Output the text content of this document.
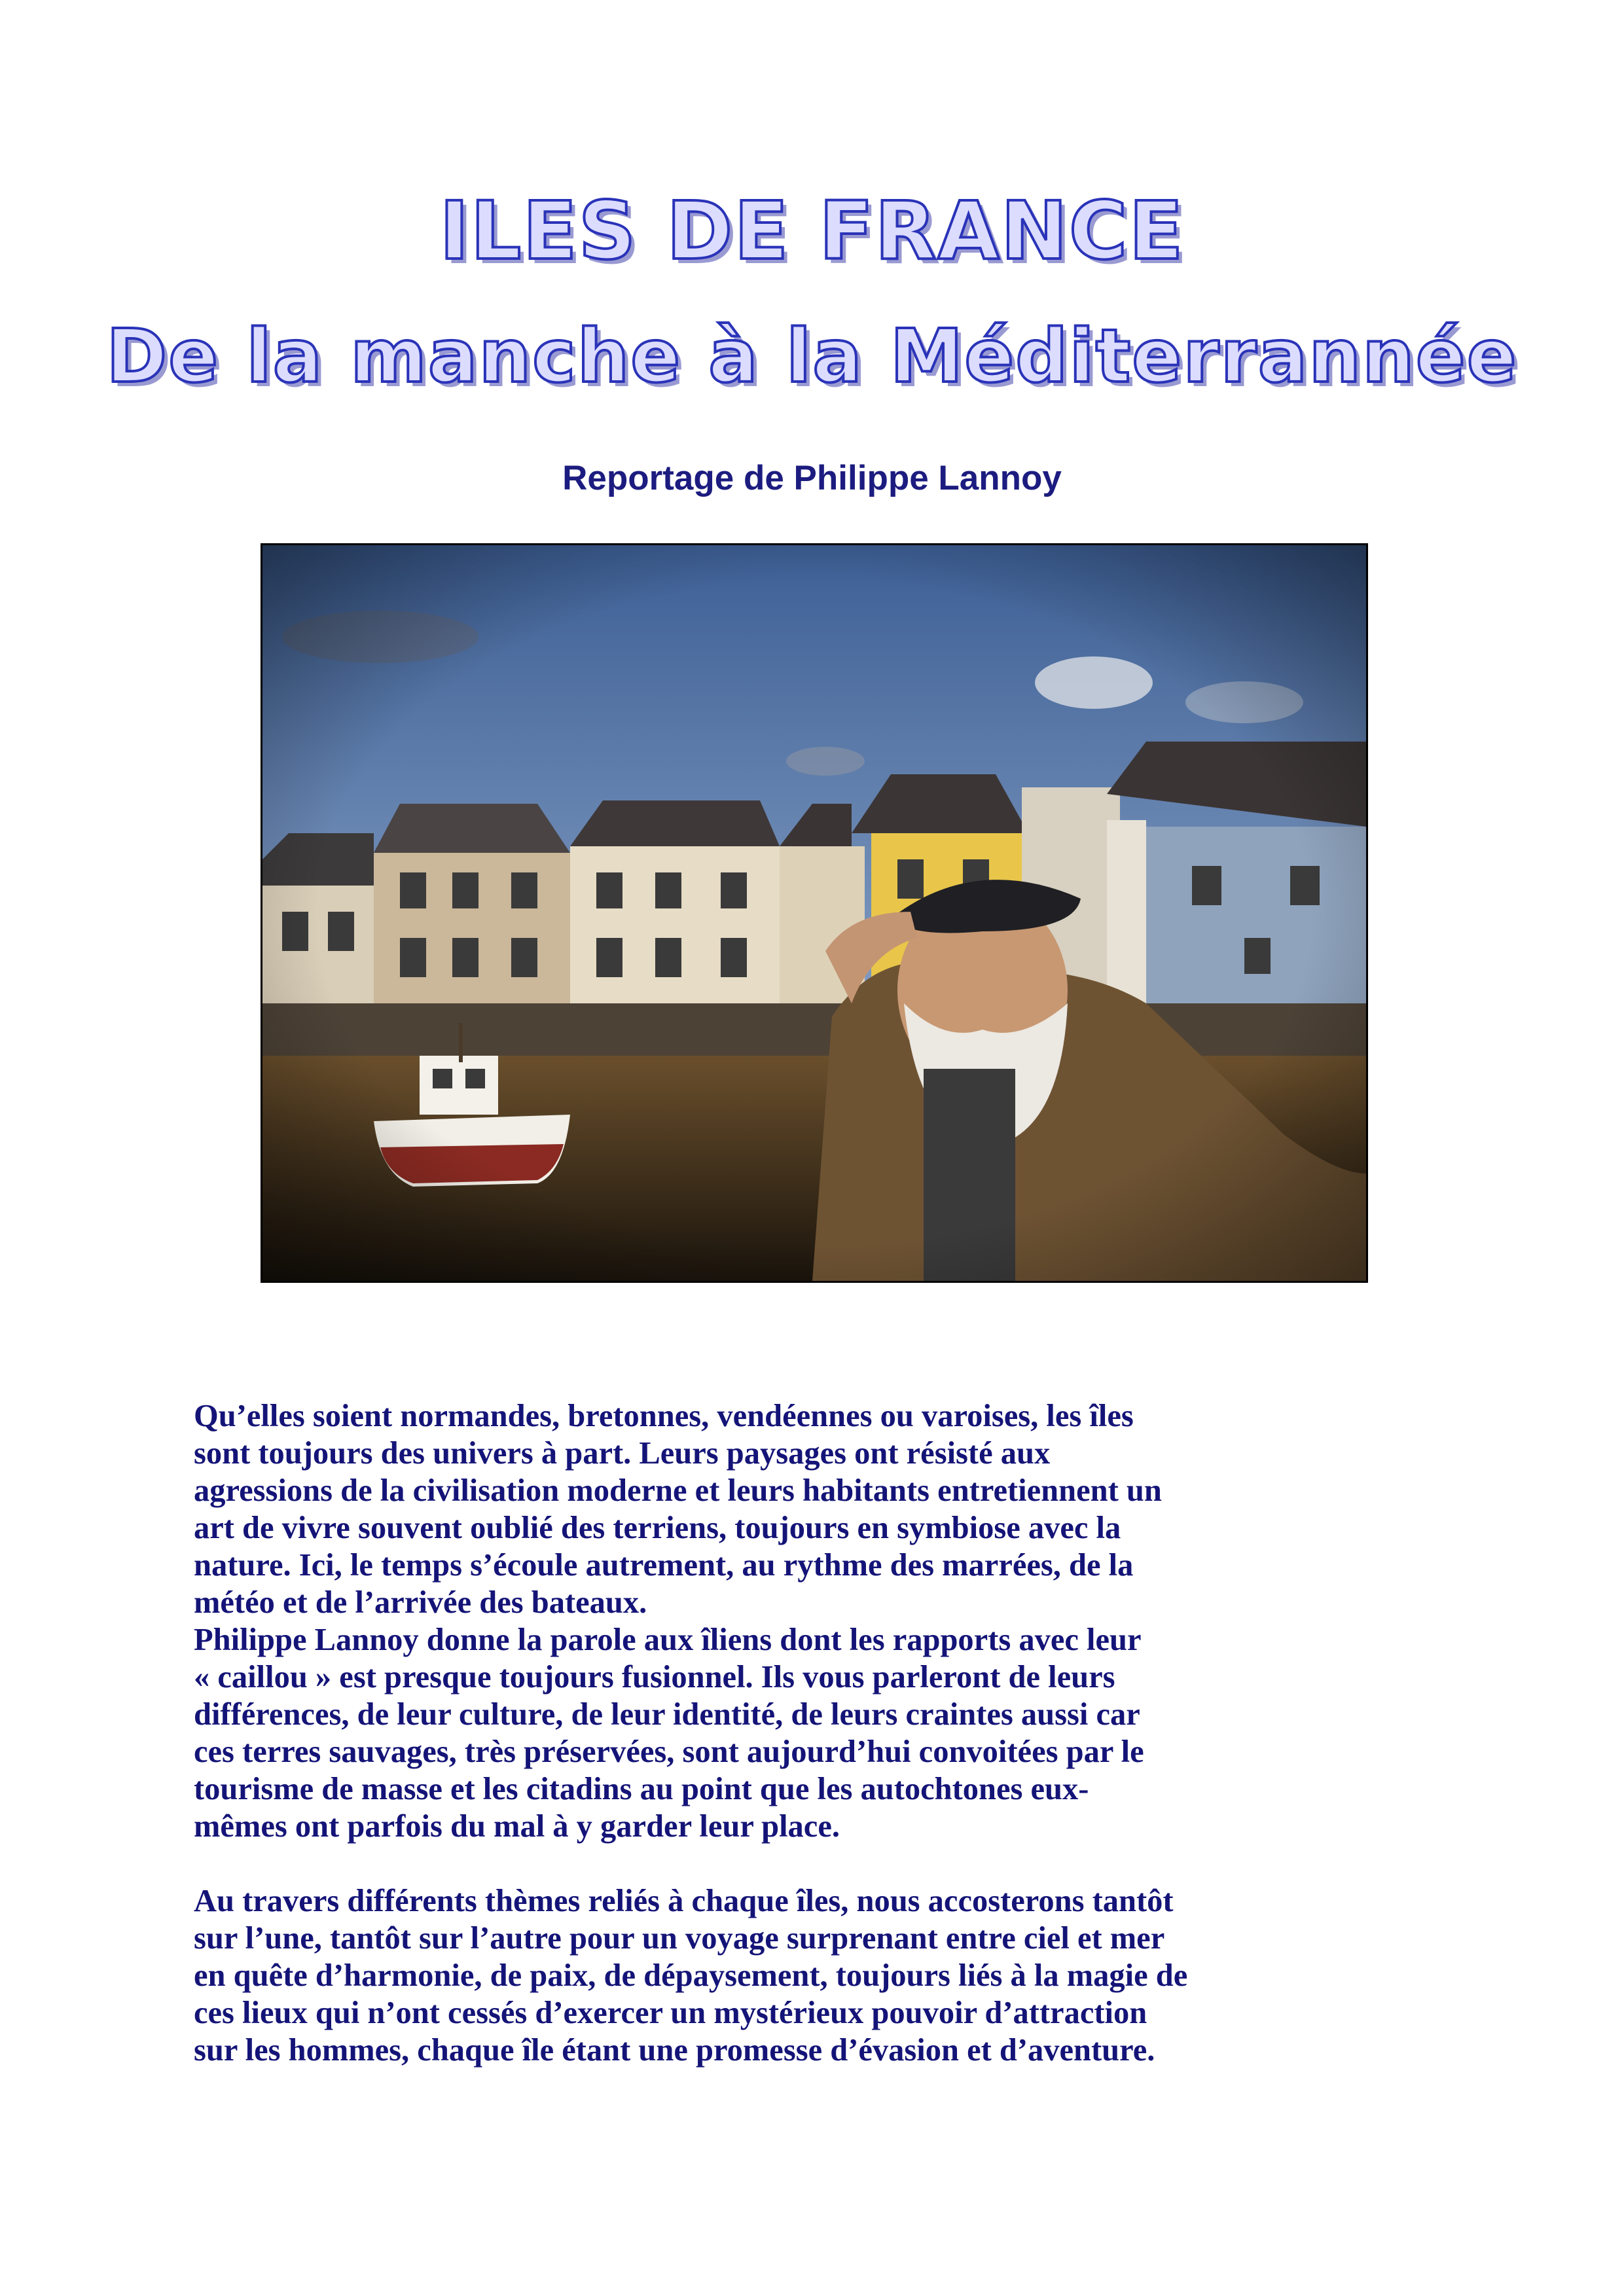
ILES DE FRANCE
De la manche à la Méditerrannée
Reportage de Philippe Lannoy

Qu’elles soient normandes, bretonnes, vendéennes ou varoises, les îles
sont toujours des univers à part. Leurs paysages ont résisté aux
agressions de la civilisation moderne et leurs habitants entretiennent un
art de vivre souvent oublié des terriens, toujours en symbiose avec la
nature. Ici, le temps s’écoule autrement, au rythme des marrées, de la
météo et de l’arrivée des bateaux.
Philippe Lannoy donne la parole aux îliens dont les rapports avec leur
« caillou » est presque toujours fusionnel. Ils vous parleront de leurs
différences, de leur culture, de leur identité, de leurs craintes aussi car
ces terres sauvages, très préservées, sont aujourd’hui convoitées par le
tourisme de masse et les citadins au point que les autochtones eux-
mêmes ont parfois du mal à y garder leur place.

Au travers différents thèmes reliés à chaque îles, nous accosterons tantôt
sur l’une, tantôt sur l’autre pour un voyage surprenant entre ciel et mer
en quête d’harmonie, de paix, de dépaysement, toujours liés à la magie de
ces lieux qui n’ont cessés d’exercer un mystérieux pouvoir d’attraction
sur les hommes, chaque île étant une promesse d’évasion et d’aventure.
